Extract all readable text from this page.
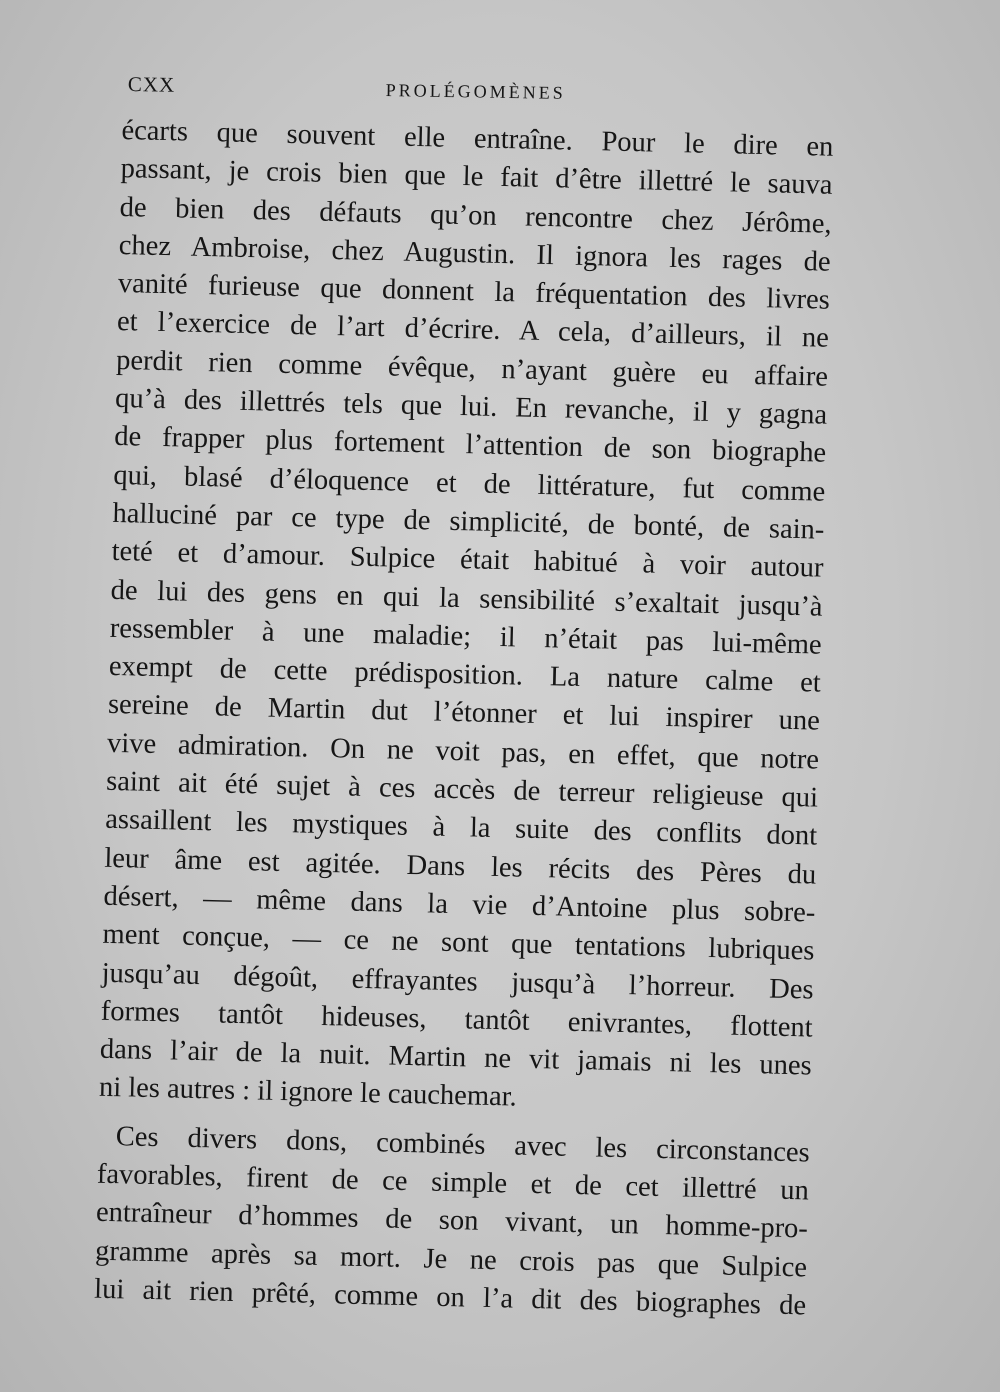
CXX	PROLÉGOMÈNES
écarts que souvent elle entraîne. Pour le dire en
passant, je crois bien que le fait d’être illettré le sauva
de bien des défauts qu’on rencontre chez Jérôme,
chez Ambroise, chez Augustin. Il ignora les rages de
vanité furieuse que donnent la fréquentation des livres
et l’exercice de l’art d’écrire. A cela, d’ailleurs, il ne
perdit rien comme évêque, n’ayant guère eu affaire
qu’à des illettrés tels que lui. En revanche, il y gagna
de frapper plus fortement l’attention de son biographe
qui, blasé d’éloquence et de littérature, fut comme
halluciné par ce type de simplicité, de bonté, de sain-
teté et d’amour. Sulpice était habitué à voir autour
de lui des gens en qui la sensibilité s’exaltait jusqu’à
ressembler à une maladie; il n’était pas lui-même
exempt de cette prédisposition. La nature calme et
sereine de Martin dut l’étonner et lui inspirer une
vive admiration. On ne voit pas, en effet, que notre
saint ait été sujet à ces accès de terreur religieuse qui
assaillent les mystiques à la suite des conflits dont
leur âme est agitée. Dans les récits des Pères du
désert, — même dans la vie d’Antoine plus sobre-
ment conçue, — ce ne sont que tentations lubriques
jusqu’au dégoût, effrayantes jusqu’à l’horreur. Des
formes tantôt hideuses, tantôt enivrantes, flottent
dans l’air de la nuit. Martin ne vit jamais ni les unes
ni les autres : il ignore le cauchemar.
Ces divers dons, combinés avec les circonstances
favorables, firent de ce simple et de cet illettré un
entraîneur d’hommes de son vivant, un homme-pro-
gramme après sa mort. Je ne crois pas que Sulpice
lui ait rien prêté, comme on l’a dit des biographes de
